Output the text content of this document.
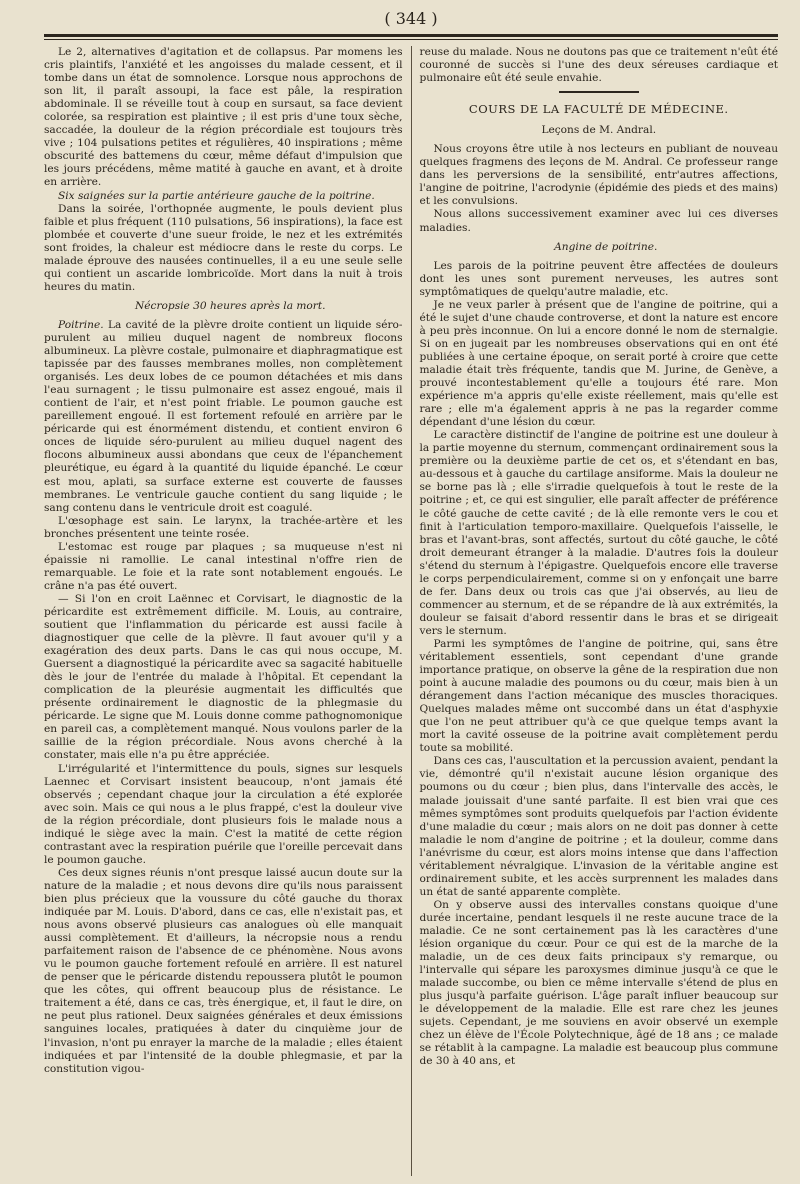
( 344 )

Le 2, alternatives d'agitation et de collapsus. Par momens les cris plaintifs, l'anxiété et les angoisses du malade cessent, et il tombe dans un état de somnolence. Lorsque nous approchons de son lit, il paraît assoupi, la face est pâle, la respiration abdominale. Il se réveille tout à coup en sursaut, sa face devient colorée, sa respiration est plaintive ; il est pris d'une toux sèche, saccadée, la douleur de la région précordiale est toujours très vive ; 104 pulsations petites et régulières, 40 inspirations ; même obscurité des battemens du cœur, même défaut d'impulsion que les jours précédens, même matité à gauche en avant, et à droite en arrière.

Six saignées sur la partie antérieure gauche de la poitrine.

Dans la soirée, l'orthopnée augmente, le pouls devient plus faible et plus fréquent (110 pulsations, 56 inspirations), la face est plombée et couverte d'une sueur froide, le nez et les extrémités sont froides, la chaleur est médiocre dans le reste du corps. Le malade éprouve des nausées continuelles, il a eu une seule selle qui contient un ascaride lombricoïde. Mort dans la nuit à trois heures du matin.

Nécropsie 30 heures après la mort.

Poitrine. La cavité de la plèvre droite contient un liquide séro-purulent au milieu duquel nagent de nombreux flocons albumineux. La plèvre costale, pulmonaire et diaphragmatique est tapissée par des fausses membranes molles, non complètement organisés. Les deux lobes de ce poumon détachées et mis dans l'eau surnagent ; le tissu pulmonaire est assez engoué, mais il contient de l'air, et n'est point friable. Le poumon gauche est pareillement engoué. Il est fortement refoulé en arrière par le péricarde qui est énormément distendu, et contient environ 6 onces de liquide séro-purulent au milieu duquel nagent des flocons albumineux aussi abondans que ceux de l'épanchement pleurétique, eu égard à la quantité du liquide épanché. Le cœur est mou, aplati, sa surface externe est couverte de fausses membranes. Le ventricule gauche contient du sang liquide ; le sang contenu dans le ventricule droit est coagulé.

L'œsophage est sain. Le larynx, la trachée-artère et les bronches présentent une teinte rosée.

L'estomac est rouge par plaques ; sa muqueuse n'est ni épaissie ni ramollie. Le canal intestinal n'offre rien de remarquable. Le foie et la rate sont notablement engoués. Le crâne n'a pas été ouvert.

— Si l'on en croit Laënnec et Corvisart, le diagnostic de la péricardite est extrêmement difficile. M. Louis, au contraire, soutient que l'inflammation du péricarde est aussi facile à diagnostiquer que celle de la plèvre. Il faut avouer qu'il y a exagération des deux parts. Dans le cas qui nous occupe, M. Guersent a diagnostiqué la péricardite avec sa sagacité habituelle dès le jour de l'entrée du malade à l'hôpital. Et cependant la complication de la pleurésie augmentait les difficultés que présente ordinairement le diagnostic de la phlegmasie du péricarde. Le signe que M. Louis donne comme pathognomonique en pareil cas, a complètement manqué. Nous voulons parler de la saillie de la région précordiale. Nous avons cherché à la constater, mais elle n'a pu être appréciée.

L'irrégularité et l'intermittence du pouls, signes sur lesquels Laennec et Corvisart insistent beaucoup, n'ont jamais été observés ; cependant chaque jour la circulation a été explorée avec soin. Mais ce qui nous a le plus frappé, c'est la douleur vive de la région précordiale, dont plusieurs fois le malade nous a indiqué le siège avec la main. C'est la matité de cette région contrastant avec la respiration puérile que l'oreille percevait dans le poumon gauche.

Ces deux signes réunis n'ont presque laissé aucun doute sur la nature de la maladie ; et nous devons dire qu'ils nous paraissent bien plus précieux que la voussure du côté gauche du thorax indiquée par M. Louis. D'abord, dans ce cas, elle n'existait pas, et nous avons observé plusieurs cas analogues où elle manquait aussi complètement. Et d'ailleurs, la nécropsie nous a rendu parfaitement raison de l'absence de ce phénomène. Nous avons vu le poumon gauche fortement refoulé en arrière. Il est naturel de penser que le péricarde distendu repoussera plutôt le poumon que les côtes, qui offrent beaucoup plus de résistance. Le traitement a été, dans ce cas, très énergique, et, il faut le dire, on ne peut plus rationel. Deux saignées générales et deux émissions sanguines locales, pratiquées à dater du cinquième jour de l'invasion, n'ont pu enrayer la marche de la maladie ; elles étaient indiquées et par l'intensité de la double phlegmasie, et par la constitution vigou-

reuse du malade. Nous ne doutons pas que ce traitement n'eût été couronné de succès si l'une des deux séreuses cardiaque et pulmonaire eût été seule envahie.

COURS DE LA FACULTÉ DE MÉDECINE.
Leçons de M. Andral.

Nous croyons être utile à nos lecteurs en publiant de nouveau quelques fragmens des leçons de M. Andral. Ce professeur range dans les perversions de la sensibilité, entr'autres affections, l'angine de poitrine, l'acrodynie (épidémie des pieds et des mains) et les convulsions.

Nous allons successivement examiner avec lui ces diverses maladies.

Angine de poitrine.

Les parois de la poitrine peuvent être affectées de douleurs dont les unes sont purement nerveuses, les autres sont symptômatiques de quelqu'autre maladie, etc.

Je ne veux parler à présent que de l'angine de poitrine, qui a été le sujet d'une chaude controverse, et dont la nature est encore à peu près inconnue. On lui a encore donné le nom de sternalgie. Si on en jugeait par les nombreuses observations qui en ont été publiées à une certaine époque, on serait porté à croire que cette maladie était très fréquente, tandis que M. Jurine, de Genève, a prouvé incontestablement qu'elle a toujours été rare. Mon expérience m'a appris qu'elle existe réellement, mais qu'elle est rare ; elle m'a également appris à ne pas la regarder comme dépendant d'une lésion du cœur.

Le caractère distinctif de l'angine de poitrine est une douleur à la partie moyenne du sternum, commençant ordinairement sous la première ou la deuxième partie de cet os, et s'étendant en bas, au-dessous et à gauche du cartilage ansiforme. Mais la douleur ne se borne pas là ; elle s'irradie quelquefois à tout le reste de la poitrine ; et, ce qui est singulier, elle paraît affecter de préférence le côté gauche de cette cavité ; de là elle remonte vers le cou et finit à l'articulation temporo-maxillaire. Quelquefois l'aisselle, le bras et l'avant-bras, sont affectés, surtout du côté gauche, le côté droit demeurant étranger à la maladie. D'autres fois la douleur s'étend du sternum à l'épigastre. Quelquefois encore elle traverse le corps perpendiculairement, comme si on y enfonçait une barre de fer. Dans deux ou trois cas que j'ai observés, au lieu de commencer au sternum, et de se répandre de là aux extrémités, la douleur se faisait d'abord ressentir dans le bras et se dirigeait vers le sternum.

Parmi les symptômes de l'angine de poitrine, qui, sans être véritablement essentiels, sont cependant d'une grande importance pratique, on observe la gêne de la respiration due non point à aucune maladie des poumons ou du cœur, mais bien à un dérangement dans l'action mécanique des muscles thoraciques. Quelques malades même ont succombé dans un état d'asphyxie que l'on ne peut attribuer qu'à ce que quelque temps avant la mort la cavité osseuse de la poitrine avait complètement perdu toute sa mobilité.

Dans ces cas, l'auscultation et la percussion avaient, pendant la vie, démontré qu'il n'existait aucune lésion organique des poumons ou du cœur ; bien plus, dans l'intervalle des accès, le malade jouissait d'une santé parfaite. Il est bien vrai que ces mêmes symptômes sont produits quelquefois par l'action évidente d'une maladie du cœur ; mais alors on ne doit pas donner à cette maladie le nom d'angine de poitrine ; et la douleur, comme dans l'anévrisme du cœur, est alors moins intense que dans l'affection véritablement névralgique. L'invasion de la véritable angine est ordinairement subite, et les accès surprennent les malades dans un état de santé apparente complète.

On y observe aussi des intervalles constans quoique d'une durée incertaine, pendant lesquels il ne reste aucune trace de la maladie. Ce ne sont certainement pas là les caractères d'une lésion organique du cœur. Pour ce qui est de la marche de la maladie, un de ces deux faits principaux s'y remarque, ou l'intervalle qui sépare les paroxysmes diminue jusqu'à ce que le malade succombe, ou bien ce même intervalle s'étend de plus en plus jusqu'à parfaite guérison. L'âge paraît influer beaucoup sur le développement de la maladie. Elle est rare chez les jeunes sujets. Cependant, je me souviens en avoir observé un exemple chez un élève de l'École Polytechnique, âgé de 18 ans ; ce malade se rétablit à la campagne. La maladie est beaucoup plus commune de 30 à 40 ans, et
